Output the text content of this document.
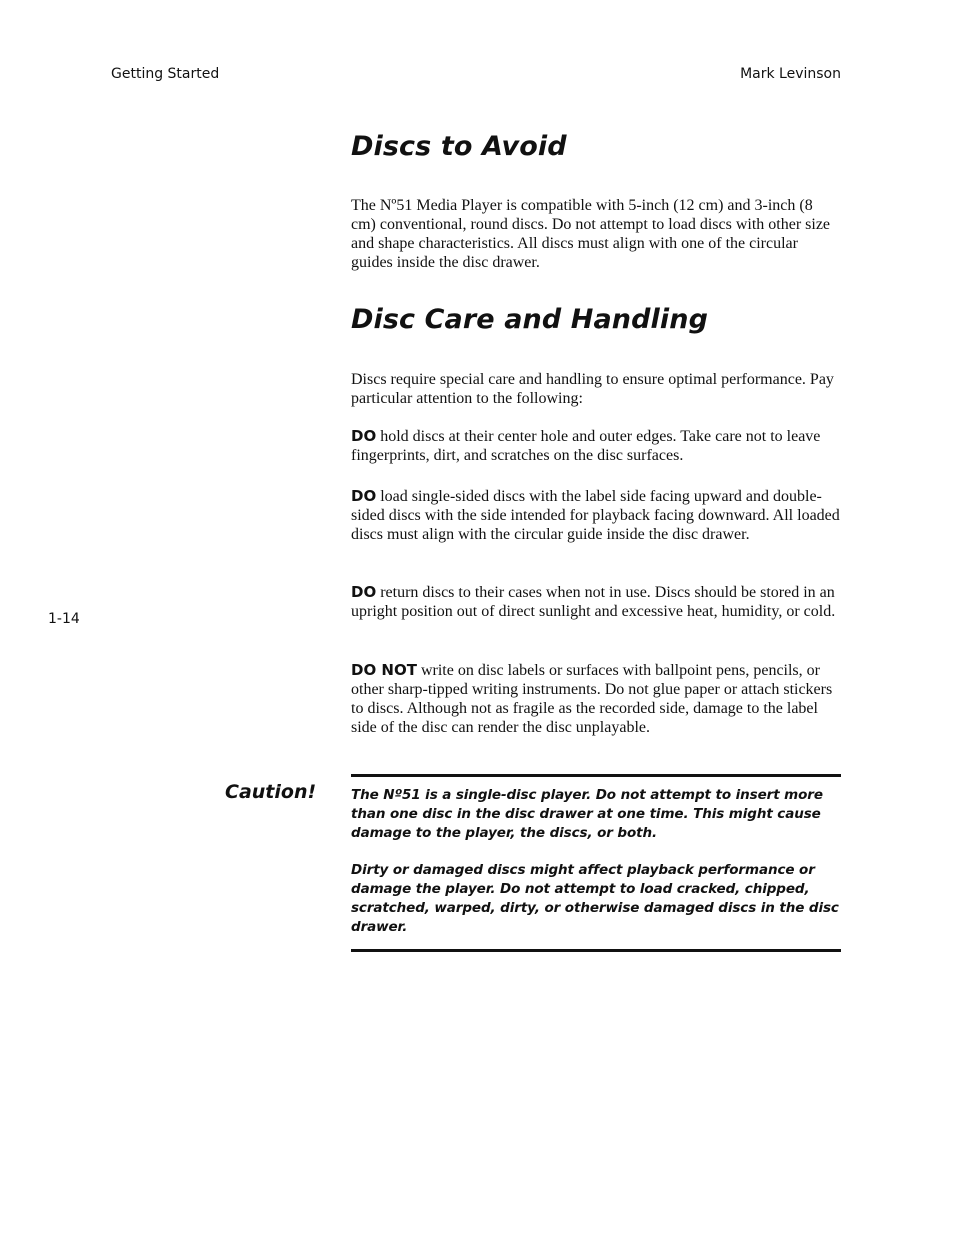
Getting Started	Mark Levinson
1-14
Discs to Avoid

The Nº51 Media Player is compatible with 5-inch (12 cm) and 3-inch (8 cm) conventional, round discs. Do not attempt to load discs with other size and shape characteristics. All discs must align with one of the circular guides inside the disc drawer.

Disc Care and Handling

Discs require special care and handling to ensure optimal performance. Pay particular attention to the following:

DO hold discs at their center hole and outer edges. Take care not to leave fingerprints, dirt, and scratches on the disc surfaces.

DO load single-sided discs with the label side facing upward and double-sided discs with the side intended for playback facing downward. All loaded discs must align with the circular guide inside the disc drawer.

DO return discs to their cases when not in use. Discs should be stored in an upright position out of direct sunlight and excessive heat, humidity, or cold.

DO NOT write on disc labels or surfaces with ballpoint pens, pencils, or other sharp-tipped writing instruments. Do not glue paper or attach stickers to discs. Although not as fragile as the recorded side, damage to the label side of the disc can render the disc unplayable.

Caution!	The Nº51 is a single-disc player. Do not attempt to insert more than one disc in the disc drawer at one time. This might cause damage to the player, the discs, or both.
Dirty or damaged discs might affect playback performance or damage the player. Do not attempt to load cracked, chipped, scratched, warped, dirty, or otherwise damaged discs in the disc drawer.
